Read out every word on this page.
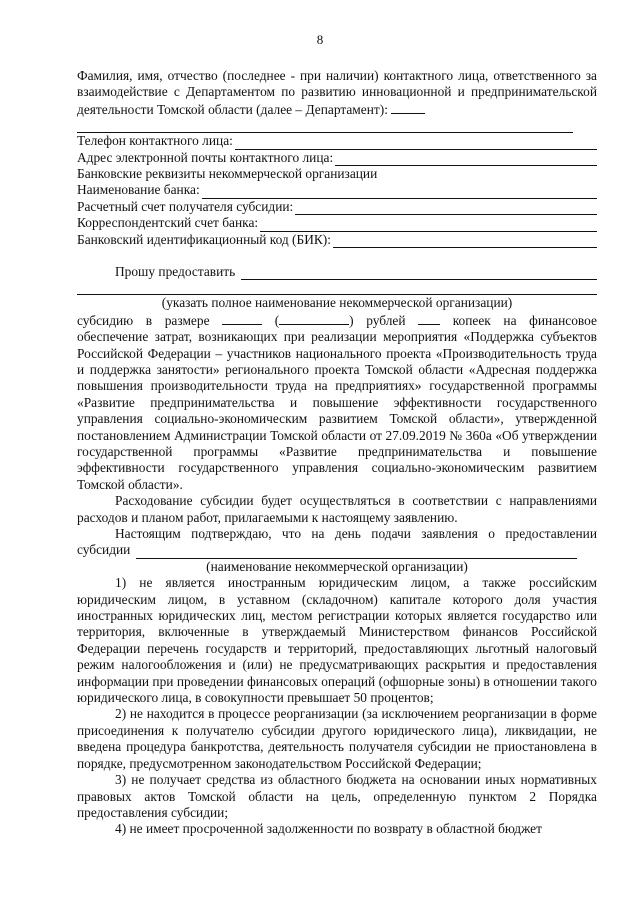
8

Фамилия, имя, отчество (последнее - при наличии) контактного лица, ответственного за взаимодействие с Департаментом по развитию инновационной и предпринимательской деятельности Томской области (далее – Департамент):

Телефон контактного лица:
Адрес электронной почты контактного лица:
Банковские реквизиты некоммерческой организации
Наименование банка:
Расчетный счет получателя субсидии:
Корреспондентский счет банка:
Банковский идентификационный код (БИК):
Прошу предоставить
(указать полное наименование некоммерческой организации)
субсидию в размере	(	) рублей	копеек на финансовое

обеспечение затрат, возникающих при реализации мероприятия «Поддержка субъектов Российской Федерации – участников национального проекта «Производительность труда и поддержка занятости» регионального проекта Томской области «Адресная поддержка повышения производительности труда на предприятиях» государственной программы «Развитие предпринимательства и повышение эффективности государственного управления социально-экономическим развитием Томской области», утвержденной постановлением Администрации Томской области от 27.09.2019 № 360а «Об утверждении государственной программы «Развитие предпринимательства и повышение эффективности государственного управления социально-экономическим развитием Томской области».

Расходование субсидии будет осуществляться в соответствии с направлениями расходов и планом работ, прилагаемыми к настоящему заявлению.

Настоящим подтверждаю, что на день подачи заявления о предоставлении

субсидии
(наименование некоммерческой организации)

1) не является иностранным юридическим лицом, а также российским юридическим лицом, в уставном (складочном) капитале которого доля участия иностранных юридических лиц, местом регистрации которых является государство или территория, включенные в утверждаемый Министерством финансов Российской Федерации перечень государств и территорий, предоставляющих льготный налоговый режим налогообложения и (или) не предусматривающих раскрытия и предоставления информации при проведении финансовых операций (офшорные зоны) в отношении такого юридического лица, в совокупности превышает 50 процентов;

2) не находится в процессе реорганизации (за исключением реорганизации в форме присоединения к получателю субсидии другого юридического лица), ликвидации, не введена процедура банкротства, деятельность получателя субсидии не приостановлена в порядке, предусмотренном законодательством Российской Федерации;

3) не получает средства из областного бюджета на основании иных нормативных правовых актов Томской области на цель, определенную пунктом 2 Порядка предоставления субсидии;

4) не имеет просроченной задолженности по возврату в областной бюджет
